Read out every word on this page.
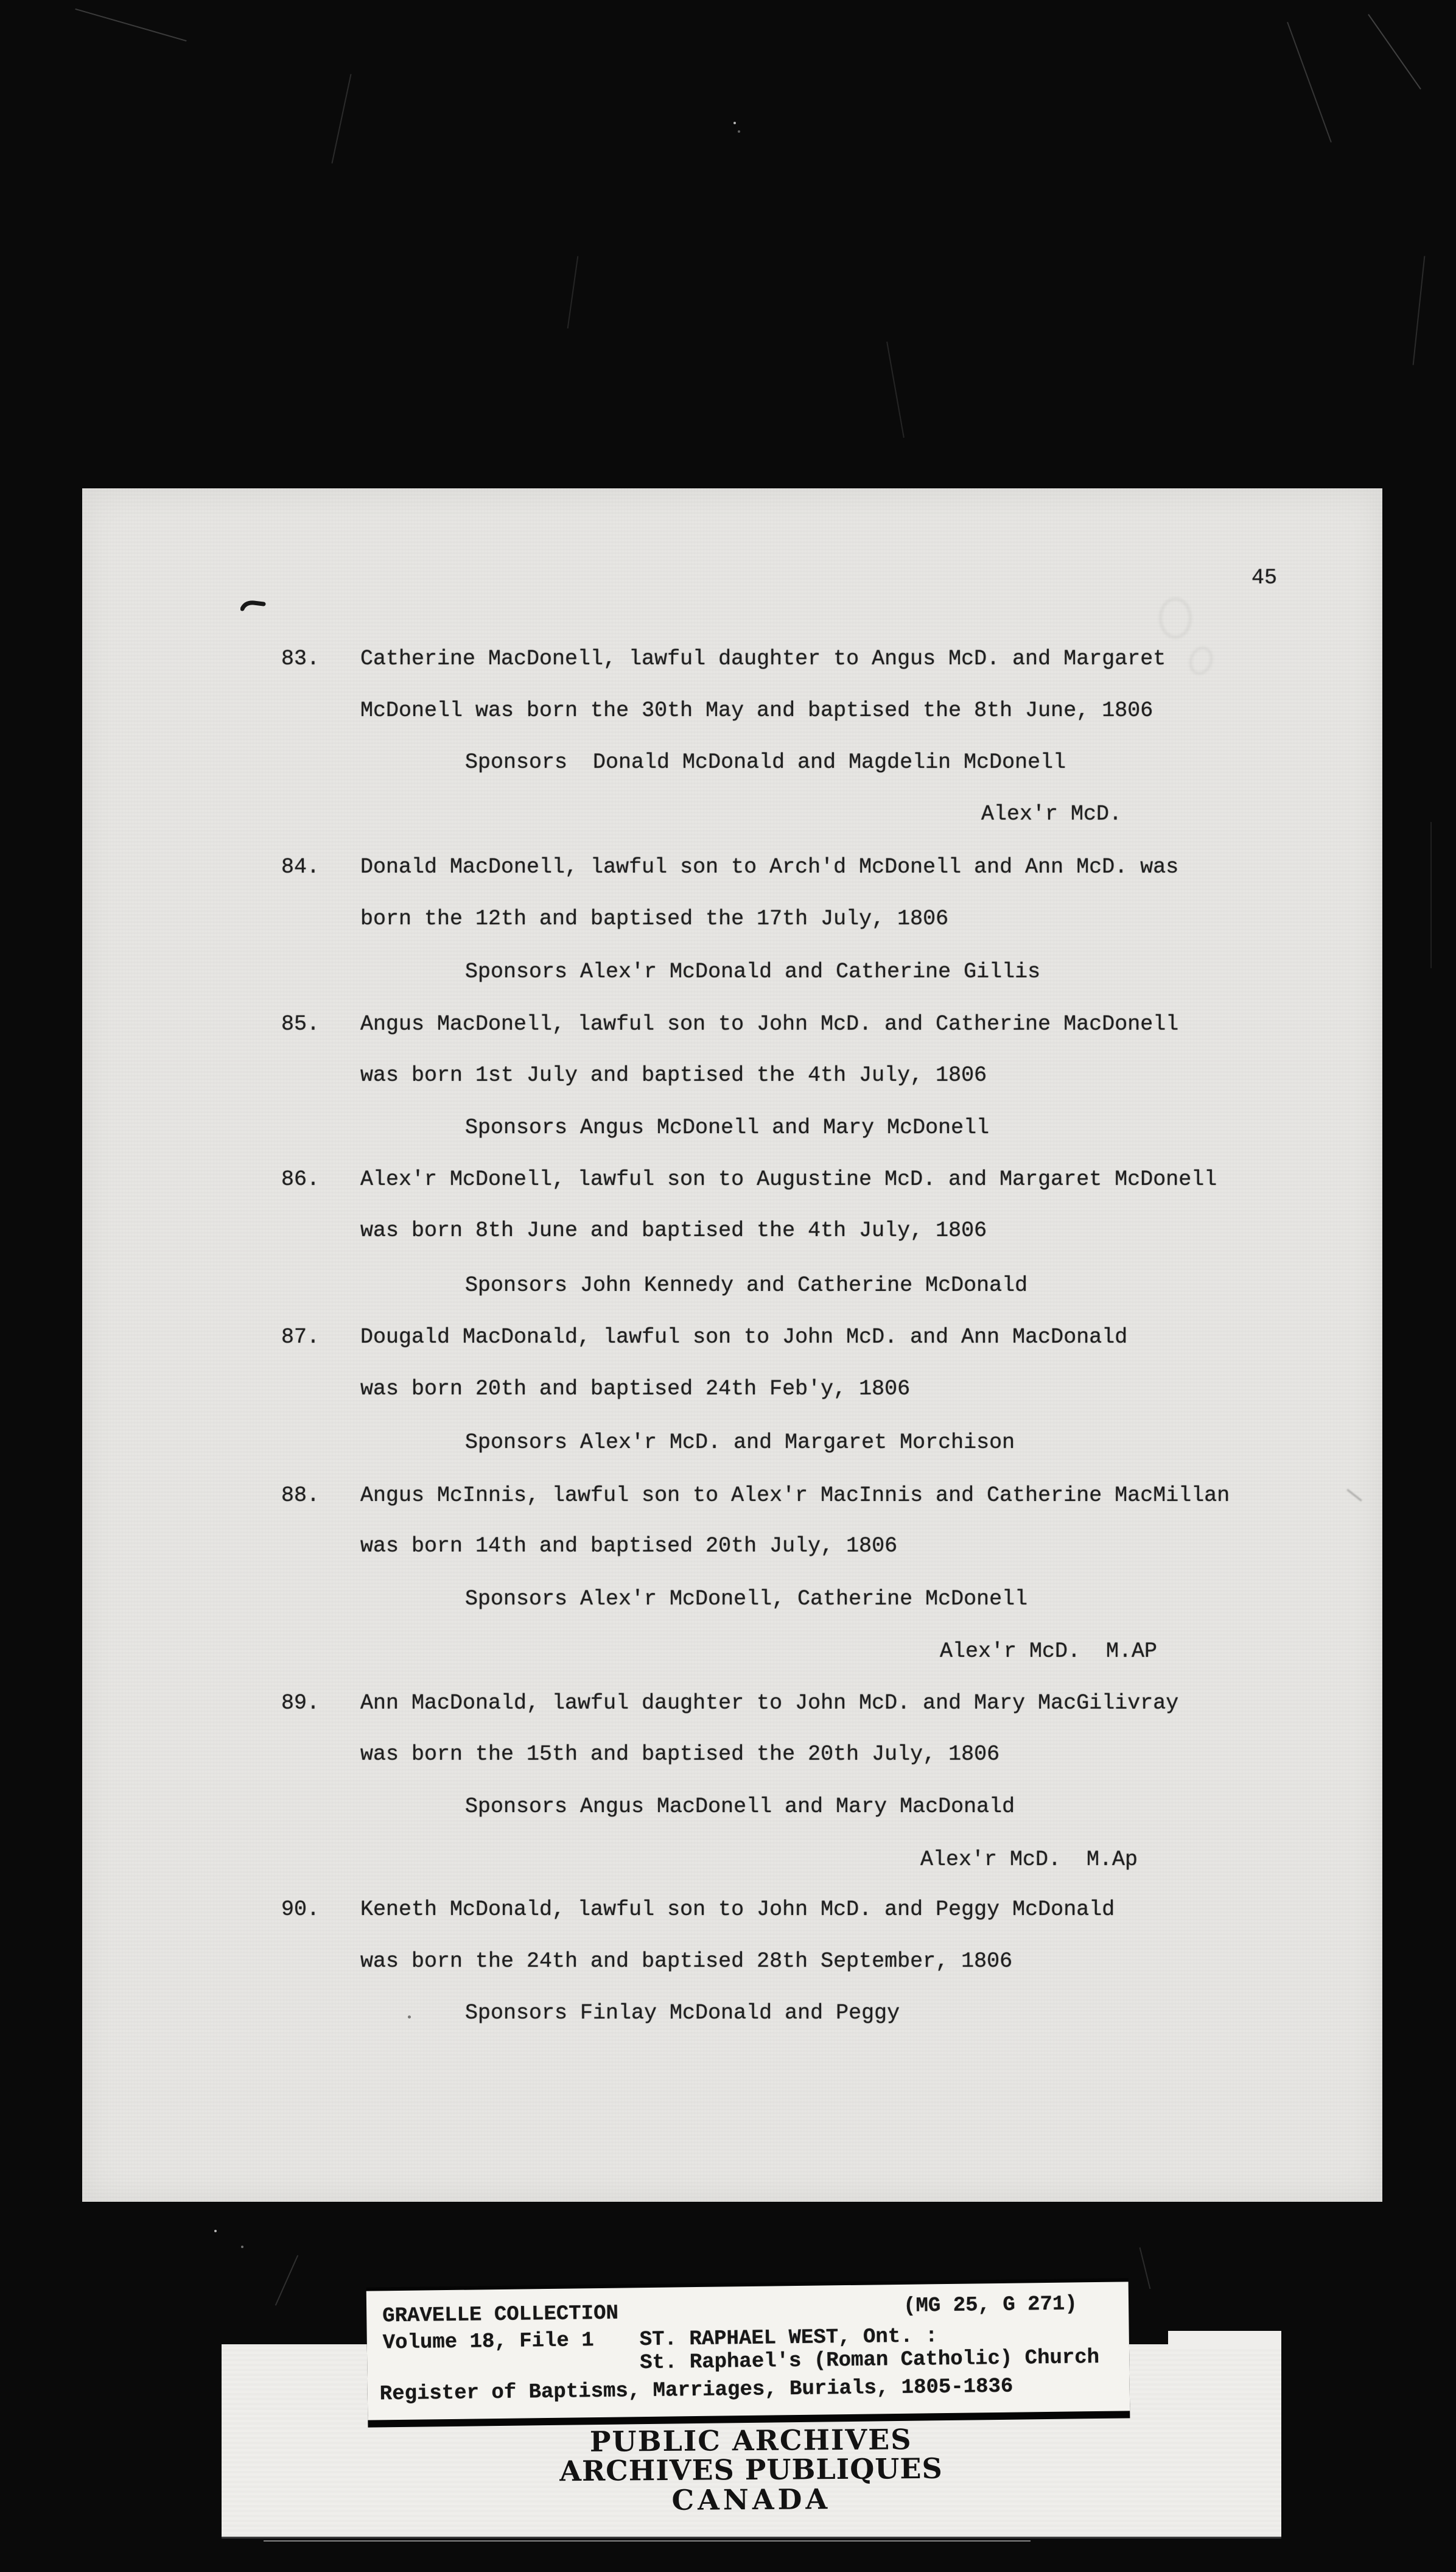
45
83. Catherine MacDonell, lawful daughter to Angus McD. and Margaret
McDonell was born the 30th May and baptised the 8th June, 1806
Sponsors  Donald McDonald and Magdelin McDonell
Alex'r McD.
84. Donald MacDonell, lawful son to Arch'd McDonell and Ann McD. was
born the 12th and baptised the 17th July, 1806
Sponsors Alex'r McDonald and Catherine Gillis
85. Angus MacDonell, lawful son to John McD. and Catherine MacDonell
was born 1st July and baptised the 4th July, 1806
Sponsors Angus McDonell and Mary McDonell
86. Alex'r McDonell, lawful son to Augustine McD. and Margaret McDonell
was born 8th June and baptised the 4th July, 1806
Sponsors John Kennedy and Catherine McDonald
87. Dougald MacDonald, lawful son to John McD. and Ann MacDonald
was born 20th and baptised 24th Feb'y, 1806
Sponsors Alex'r McD. and Margaret Morchison
88. Angus McInnis, lawful son to Alex'r MacInnis and Catherine MacMillan
was born 14th and baptised 20th July, 1806
Sponsors Alex'r McDonell, Catherine McDonell
Alex'r McD.  M.AP
89. Ann MacDonald, lawful daughter to John McD. and Mary MacGilivray
was born the 15th and baptised the 20th July, 1806
Sponsors Angus MacDonell and Mary MacDonald
Alex'r McD.  M.Ap
90. Keneth McDonald, lawful son to John McD. and Peggy McDonald
was born the 24th and baptised 28th September, 1806
Sponsors Finlay McDonald and Peggy
GRAVELLE COLLECTION	(MG 25, G 271)
Volume 18, File 1 ST. RAPHAEL WEST, Ont. :
St. Raphael's (Roman Catholic) Church
Register of Baptisms, Marriages, Burials, 1805-1836
PUBLIC ARCHIVES
ARCHIVES PUBLIQUES
CANADA
